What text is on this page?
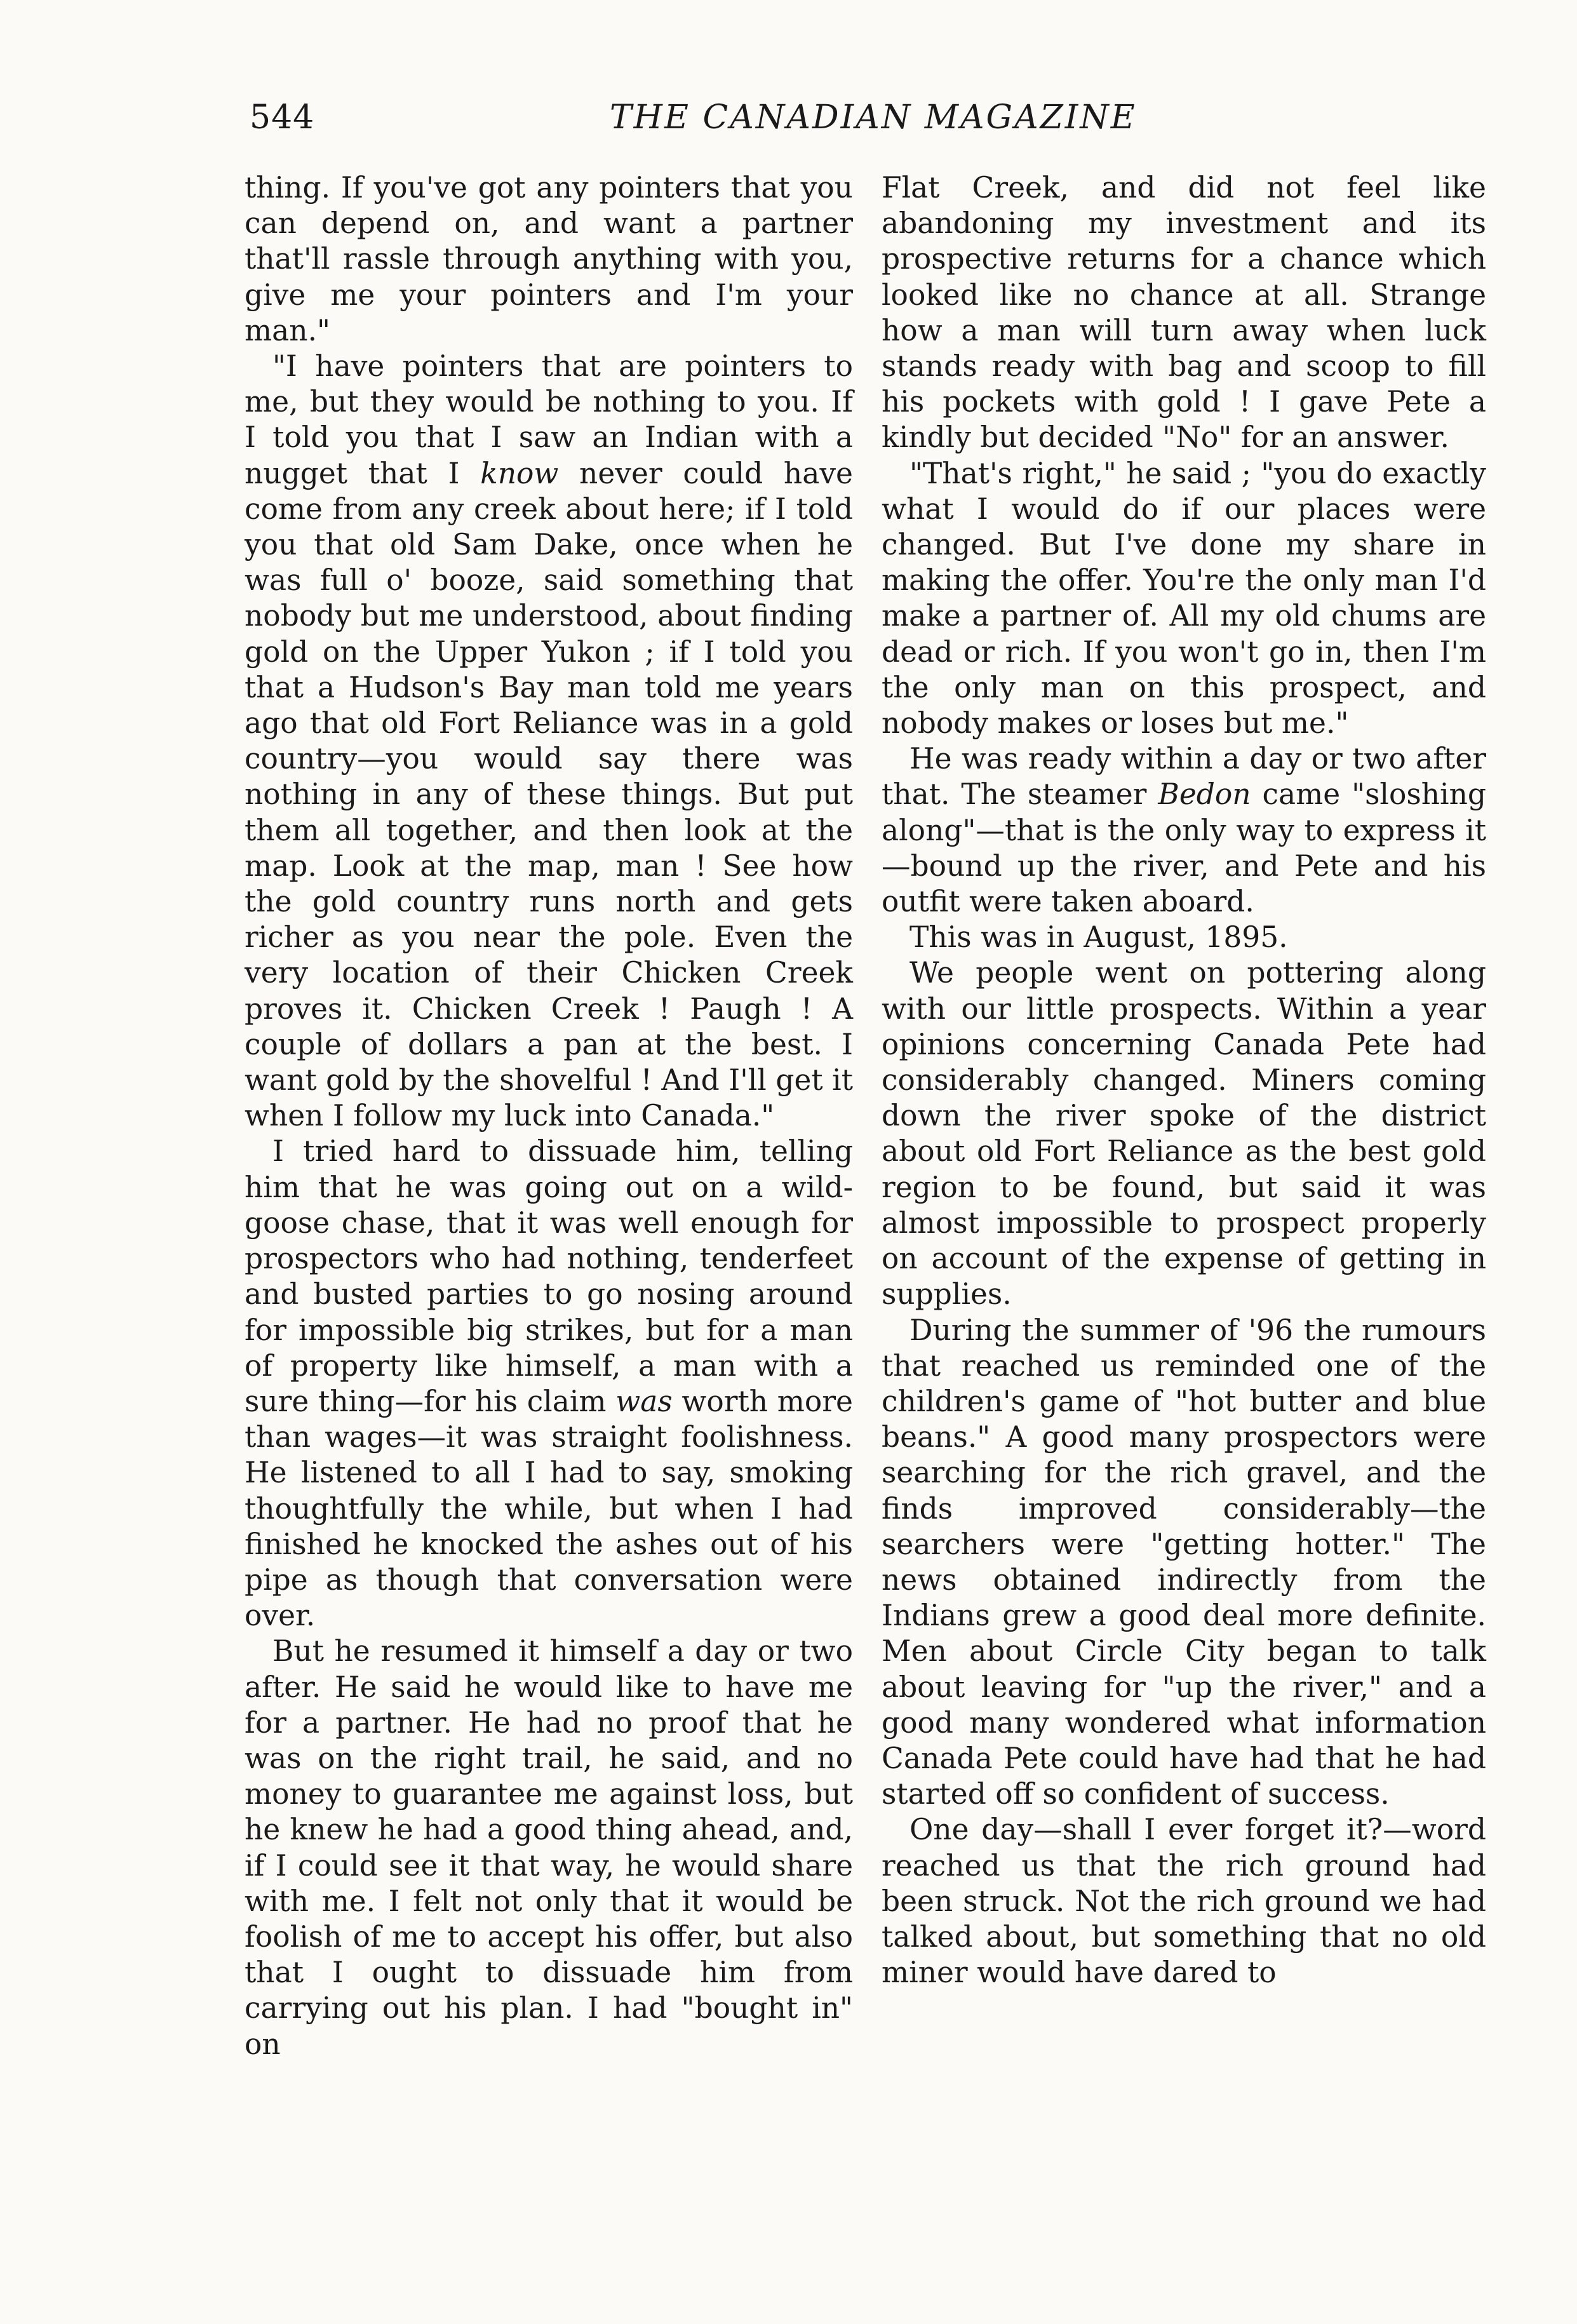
544	THE CANADIAN MAGAZINE

thing. If you've got any pointers that you can depend on, and want a partner that'll rassle through anything with you, give me your pointers and I'm your man."

"I have pointers that are pointers to me, but they would be nothing to you. If I told you that I saw an Indian with a nugget that I know never could have come from any creek about here; if I told you that old Sam Dake, once when he was full o' booze, said something that nobody but me understood, about finding gold on the Upper Yukon ; if I told you that a Hudson's Bay man told me years ago that old Fort Reliance was in a gold country—you would say there was nothing in any of these things. But put them all together, and then look at the map. Look at the map, man ! See how the gold country runs north and gets richer as you near the pole. Even the very location of their Chicken Creek proves it. Chicken Creek ! Paugh ! A couple of dollars a pan at the best. I want gold by the shovelful ! And I'll get it when I follow my luck into Canada."

I tried hard to dissuade him, telling him that he was going out on a wild-goose chase, that it was well enough for prospectors who had nothing, tenderfeet and busted parties to go nosing around for impossible big strikes, but for a man of property like himself, a man with a sure thing—for his claim was worth more than wages—it was straight foolishness. He listened to all I had to say, smoking thoughtfully the while, but when I had finished he knocked the ashes out of his pipe as though that conversation were over.

But he resumed it himself a day or two after. He said he would like to have me for a partner. He had no proof that he was on the right trail, he said, and no money to guarantee me against loss, but he knew he had a good thing ahead, and, if I could see it that way, he would share with me. I felt not only that it would be foolish of me to accept his offer, but also that I ought to dissuade him from carrying out his plan. I had "bought in" on

Flat Creek, and did not feel like abandoning my investment and its prospective returns for a chance which looked like no chance at all. Strange how a man will turn away when luck stands ready with bag and scoop to fill his pockets with gold ! I gave Pete a kindly but decided "No" for an answer.

"That's right," he said ; "you do exactly what I would do if our places were changed. But I've done my share in making the offer. You're the only man I'd make a partner of. All my old chums are dead or rich. If you won't go in, then I'm the only man on this prospect, and nobody makes or loses but me."

He was ready within a day or two after that. The steamer Bedon came "sloshing along"—that is the only way to express it—bound up the river, and Pete and his outfit were taken aboard.

This was in August, 1895.

We people went on pottering along with our little prospects. Within a year opinions concerning Canada Pete had considerably changed. Miners coming down the river spoke of the district about old Fort Reliance as the best gold region to be found, but said it was almost impossible to prospect properly on account of the expense of getting in supplies.

During the summer of '96 the rumours that reached us reminded one of the children's game of "hot butter and blue beans." A good many prospectors were searching for the rich gravel, and the finds improved considerably—the searchers were "getting hotter." The news obtained indirectly from the Indians grew a good deal more definite. Men about Circle City began to talk about leaving for "up the river," and a good many wondered what information Canada Pete could have had that he had started off so confident of success.

One day—shall I ever forget it?—word reached us that the rich ground had been struck. Not the rich ground we had talked about, but something that no old miner would have dared to
